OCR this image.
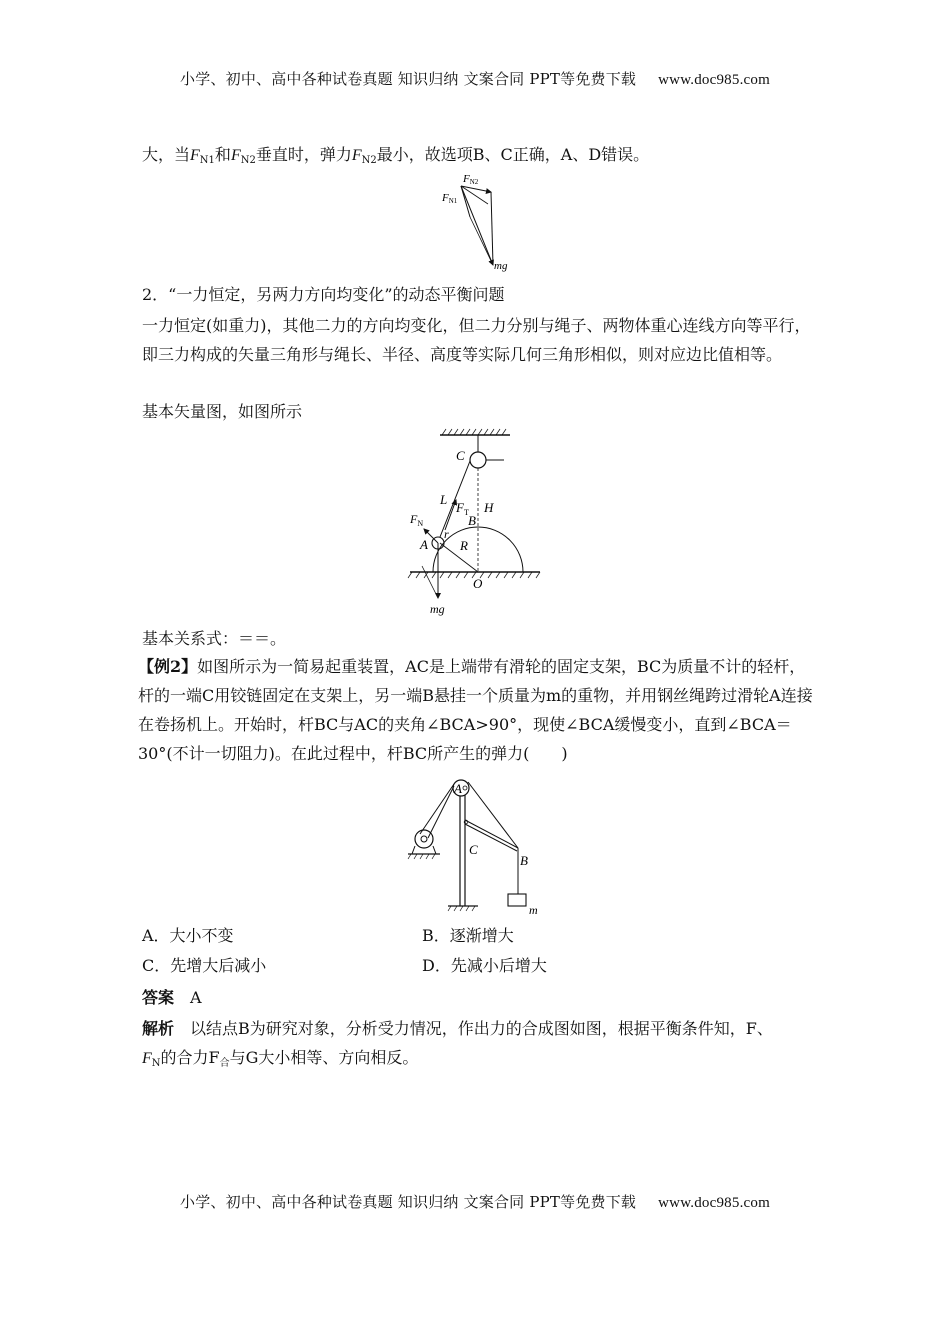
小学、初中、高中各种试卷真题 知识归纳 文案合同 PPT等免费下载 www.doc985.com
大，当$F_{N1}$和$F_{N2}$垂直时，弹力$F_{N2}$最小，故选项B、C正确，A、D错误。
FN2
FN1
mg
2．“一力恒定，另两力方向均变化”的动态平衡问题
一力恒定(如重力)，其他二力的方向均变化，但二力分别与绳子、两物体重心连线方向等平行，即三力构成的矢量三角形与绳长、半径、高度等实际几何三角形相似，则对应边比值相等。
基本矢量图，如图所示
C
L
$F_T$ H
$F_N$	B
r
A R
O
mg
基本关系式：＝＝。
【例2】如图所示为一简易起重装置，AC是上端带有滑轮的固定支架，BC为质量不计的轻杆，杆的一端C用铰链固定在支架上，另一端B悬挂一个质量为m的重物，并用钢丝绳跨过滑轮A连接在卷扬机上。开始时，杆BC与AC的夹角∠BCA>90°，现使∠BCA缓慢变小，直到∠BCA＝30°(不计一切阻力)。在此过程中，杆BC所产生的弹力(　　)
A
C
B
m
A．大小不变	B．逐渐增大
C．先增大后减小	D．先减小后增大
答案　 A
解析　 以结点B为研究对象，分析受力情况，作出力的合成图如图，根据平衡条件知，F、
$F_N$的合力$F_合$与G大小相等、方向相反。
小学、初中、高中各种试卷真题 知识归纳 文案合同 PPT等免费下载 www.doc985.com
